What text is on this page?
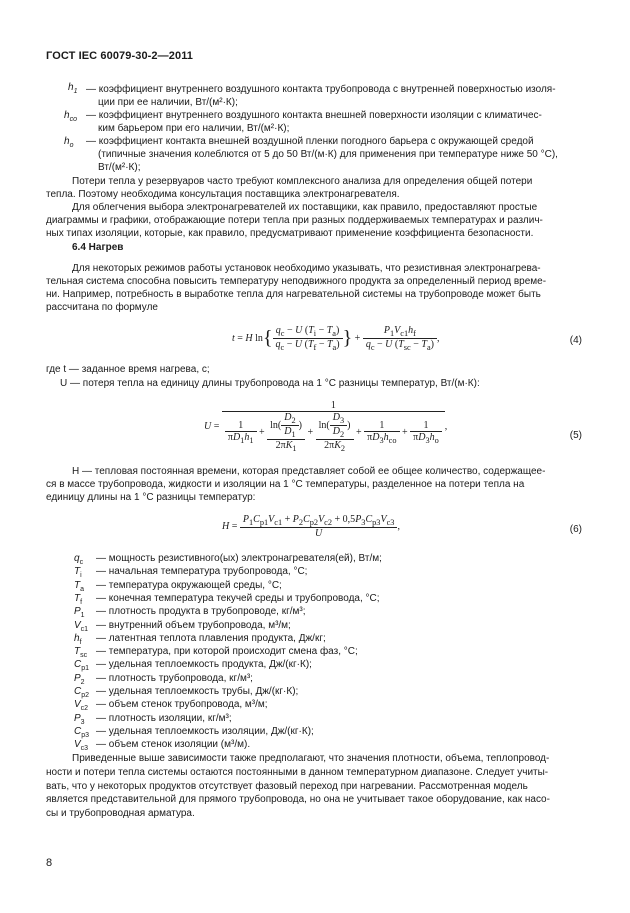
ГОСТ IEC 60079-30-2—2011
$h_1$ — коэффициент внутреннего воздушного контакта трубопровода с внутренней поверхностью изоля-
ции при ее наличии, Вт/(м²·К);
$h_{co}$ — коэффициент внутреннего воздушного контакта внешней поверхности изоляции с климатичес-
ким барьером при его наличии, Вт/(м²·К);
$h_o$ — коэффициент контакта внешней воздушной пленки погодного барьера с окружающей средой
(типичные значения колеблются от 5 до 50 Вт/(м·К) для применения при температуре ниже 50 °С),
Вт/(м²·К);
Потери тепла у резервуаров часто требуют комплексного анализа для определения общей потери
тепла. Поэтому необходима консультация поставщика электронагревателя.
Для облегчения выбора электронагревателей их поставщики, как правило, предоставляют простые
диаграммы и графики, отображающие потери тепла при разных поддерживаемых температурах и различ-
ных типах изоляции, которые, как правило, предусматривают применение коэффициента безопасности.
6.4 Нагрев
Для некоторых режимов работы установок необходимо указывать, что резистивная электронагрева-
тельная система способна повысить температуру неподвижного продукта за определенный период време-
ни. Например, потребность в выработке тепла для нагревательной системы на трубопроводе может быть
рассчитана по формуле
t = H $\ln\{ \frac{q_c - U (T_i - T_a)}{q_c - U (T_f - T_a)}$ } + $\frac{P_1V_{c1}h_f}{q_c - U (T_{sc} - T_a)}$ ,	(4)
где t — заданное время нагрева, с;
U — потеря тепла на единицу длины трубопровода на 1 °С разницы температур, Вт/(м·К):
U =
1
$\frac{1}{\pi D_1h_1} + \frac{\ln( \frac{D_2}{D_1} )}{2\pi K_1} + \frac{\ln( \frac{D_3}{D_2} )}{2\pi K_2} + \frac{1}{\pi D_3h_{co}} + \frac{1}{\pi D_3h_o}$ ,
(5)
H — тепловая постоянная времени, которая представляет собой ее общее количество, содержащее-
ся в массе трубопровода, жидкости и изоляции на 1 °С температуры, разделенное на потери тепла на
единицу длины на 1 °С разницы температур:
$H = \frac{P_1C_{p1}V_{c1} + P_2C_{p2}V_{c2} + 0,5P_3C_{p3}V_{c3}}{U}$ ,	(6)
$q_c$ — мощность резистивного(ых) электронагревателя(ей), Вт/м;
$T_i$ — начальная температура трубопровода, °С;
$T_a$ — температура окружающей среды, °С;
$T_f$ — конечная температура текучей среды и трубопровода, °С;
$P_1$ — плотность продукта в трубопроводе, кг/м³;
$V_{c1}$ — внутренний объем трубопровода, м³/м;
$h_f$ — латентная теплота плавления продукта, Дж/кг;
$T_{sc}$ — температура, при которой происходит смена фаз, °С;
$C_{p1}$ — удельная теплоемкость продукта, Дж/(кг·К);
$P_2$ — плотность трубопровода, кг/м³;
$C_{p2}$ — удельная теплоемкость трубы, Дж/(кг·К);
$V_{c2}$ — объем стенок трубопровода, м³/м;
$P_3$ — плотность изоляции, кг/м³;
$C_{p3}$ — удельная теплоемкость изоляции, Дж/(кг·К);
$V_{c3}$ — объем стенок изоляции (м³/м).
Приведенные выше зависимости также предполагают, что значения плотности, объема, теплопровод-
ности и потери тепла системы остаются постоянными в данном температурном диапазоне. Следует учиты-
вать, что у некоторых продуктов отсутствует фазовый переход при нагревании. Рассмотренная модель
является представительной для прямого трубопровода, но она не учитывает такое оборудование, как насо-
сы и трубопроводная арматура.
8
